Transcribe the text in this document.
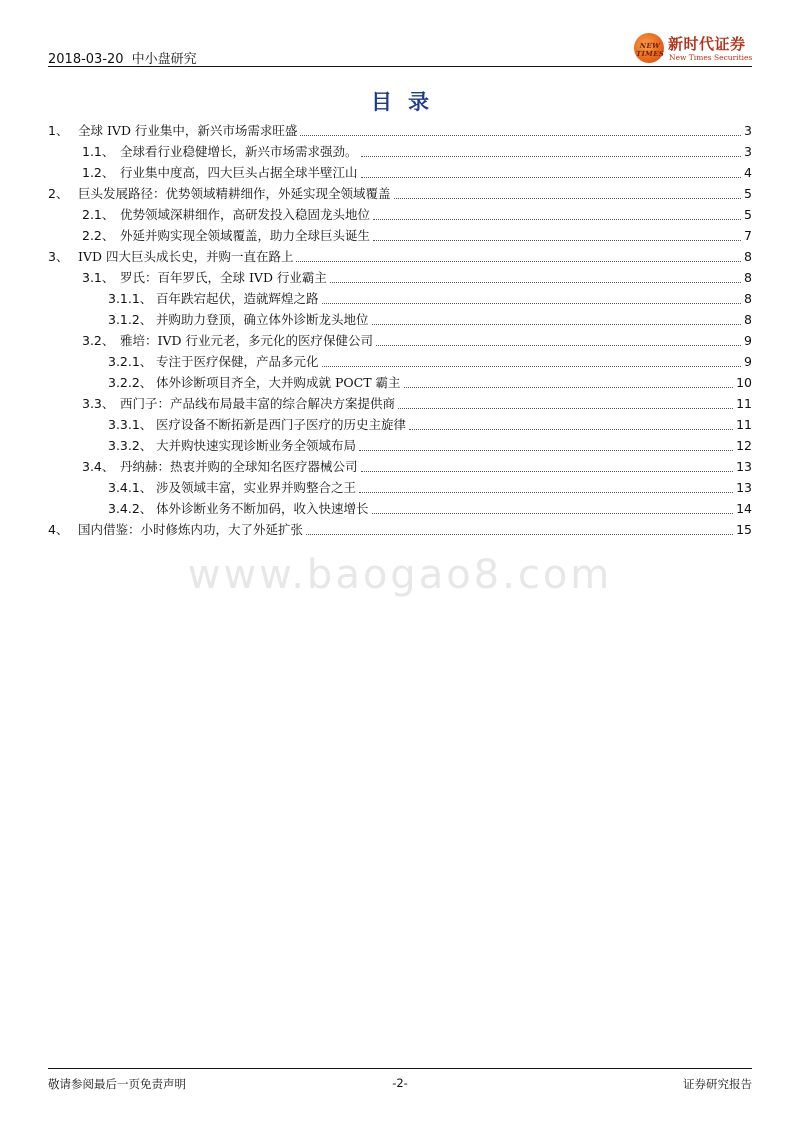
2018-03-20 中小盘研究
NEW
TIMES
新时代证券
New Times Securities
目录
1、 全球 IVD 行业集中，新兴市场需求旺盛	3
1.1、 全球看行业稳健增长，新兴市场需求强劲。	3
1.2、 行业集中度高，四大巨头占据全球半壁江山	4
2、 巨头发展路径：优势领域精耕细作，外延实现全领域覆盖	5
2.1、 优势领域深耕细作，高研发投入稳固龙头地位	5
2.2、 外延并购实现全领域覆盖，助力全球巨头诞生	7
3、 IVD 四大巨头成长史，并购一直在路上	8
3.1、 罗氏：百年罗氏，全球 IVD 行业霸主	8
3.1.1、 百年跌宕起伏，造就辉煌之路	8
3.1.2、 并购助力登顶，确立体外诊断龙头地位	8
3.2、 雅培：IVD 行业元老，多元化的医疗保健公司	9
3.2.1、 专注于医疗保健，产品多元化	9
3.2.2、 体外诊断项目齐全，大并购成就 POCT 霸主	10
3.3、 西门子：产品线布局最丰富的综合解决方案提供商	11
3.3.1、 医疗设备不断拓新是西门子医疗的历史主旋律	11
3.3.2、 大并购快速实现诊断业务全领域布局	12
3.4、 丹纳赫：热衷并购的全球知名医疗器械公司	13
3.4.1、 涉及领域丰富，实业界并购整合之王	13
3.4.2、 体外诊断业务不断加码，收入快速增长	14
4、 国内借鉴：小时修炼内功，大了外延扩张	15
www.baogao8.com
敬请参阅最后一页免责声明	-2-	证券研究报告
